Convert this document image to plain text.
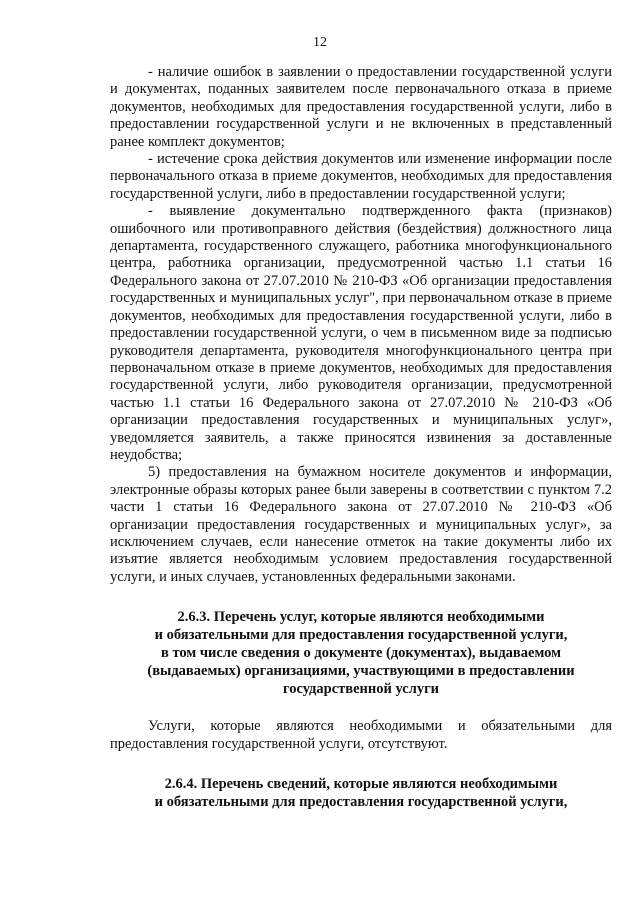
12

- наличие ошибок в заявлении о предоставлении государственной услуги и документах, поданных заявителем после первоначального отказа в приеме документов, необходимых для предоставления государственной услуги, либо в предоставлении государственной услуги и не включенных в представленный ранее комплект документов;

- истечение срока действия документов или изменение информации после первоначального отказа в приеме документов, необходимых для предоставления государственной услуги, либо в предоставлении государственной услуги;

- выявление документально подтвержденного факта (признаков) ошибочного или противоправного действия (бездействия) должностного лица департамента, государственного служащего, работника многофункционального центра, работника организации, предусмотренной частью 1.1 статьи 16 Федерального закона от 27.07.2010 № 210-ФЗ «Об организации предоставления государственных и муниципальных услуг", при первоначальном отказе в приеме документов, необходимых для предоставления государственной услуги, либо в предоставлении государственной услуги, о чем в письменном виде за подписью руководителя департамента, руководителя многофункционального центра при первоначальном отказе в приеме документов, необходимых для предоставления государственной услуги, либо руководителя организации, предусмотренной частью 1.1 статьи 16 Федерального закона от 27.07.2010 № 210-ФЗ «Об организации предоставления государственных и муниципальных услуг», уведомляется заявитель, а также приносятся извинения за доставленные неудобства;

5) предоставления на бумажном носителе документов и информации, электронные образы которых ранее были заверены в соответствии с пунктом 7.2 части 1 статьи 16 Федерального закона от 27.07.2010 № 210-ФЗ «Об организации предоставления государственных и муниципальных услуг», за исключением случаев, если нанесение отметок на такие документы либо их изъятие является необходимым условием предоставления государственной услуги, и иных случаев, установленных федеральными законами.

2.6.3. Перечень услуг, которые являются необходимыми
и обязательными для предоставления государственной услуги,
в том числе сведения о документе (документах), выдаваемом
(выдаваемых) организациями, участвующими в предоставлении
государственной услуги

Услуги, которые являются необходимыми и обязательными для предоставления государственной услуги, отсутствуют.

2.6.4. Перечень сведений, которые являются необходимыми
и обязательными для предоставления государственной услуги,
